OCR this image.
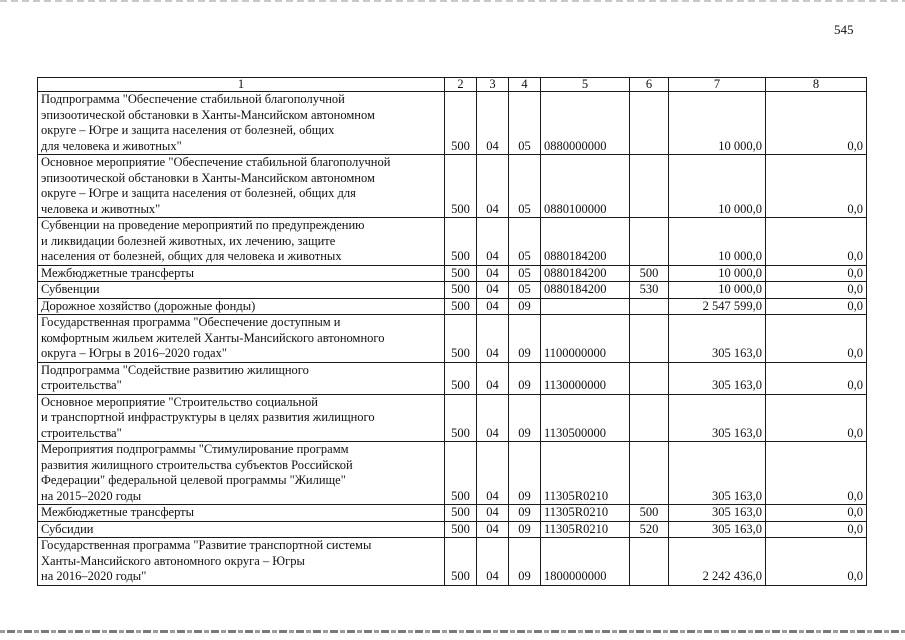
545
1	2	3	4	5	6	7	8
Подпрограмма "Обеспечение стабильной благополучной
эпизоотической обстановки в Ханты-Мансийском автономном
округе – Югре и защита населения от болезней, общих
для человека и животных"	500	04	05	0880000000		10 000,0	0,0
Основное мероприятие "Обеспечение стабильной благополучной
эпизоотической обстановки в Ханты-Мансийском автономном
округе – Югре и защита населения от болезней, общих для
человека и животных"	500	04	05	0880100000		10 000,0	0,0
Субвенции на проведение мероприятий по предупреждению
и ликвидации болезней животных, их лечению, защите
населения от болезней, общих для человека и животных	500	04	05	0880184200		10 000,0	0,0
Межбюджетные трансферты	500	04	05	0880184200	500	10 000,0	0,0
Субвенции	500	04	05	0880184200	530	10 000,0	0,0
Дорожное хозяйство (дорожные фонды)	500	04	09			2 547 599,0	0,0
Государственная программа "Обеспечение доступным и
комфортным жильем жителей Ханты-Мансийского автономного
округа – Югры в 2016–2020 годах"	500	04	09	1100000000		305 163,0	0,0
Подпрограмма "Содействие развитию жилищного
строительства"	500	04	09	1130000000		305 163,0	0,0
Основное мероприятие "Строительство социальной
и транспортной инфраструктуры в целях развития жилищного
строительства"	500	04	09	1130500000		305 163,0	0,0
Мероприятия подпрограммы "Стимулирование программ
развития жилищного строительства субъектов Российской
Федерации" федеральной целевой программы "Жилище"
на 2015–2020 годы	500	04	09	11305R0210		305 163,0	0,0
Межбюджетные трансферты	500	04	09	11305R0210	500	305 163,0	0,0
Субсидии	500	04	09	11305R0210	520	305 163,0	0,0
Государственная программа "Развитие транспортной системы
Ханты-Мансийского автономного округа – Югры
на 2016–2020 годы"	500	04	09	1800000000		2 242 436,0	0,0
